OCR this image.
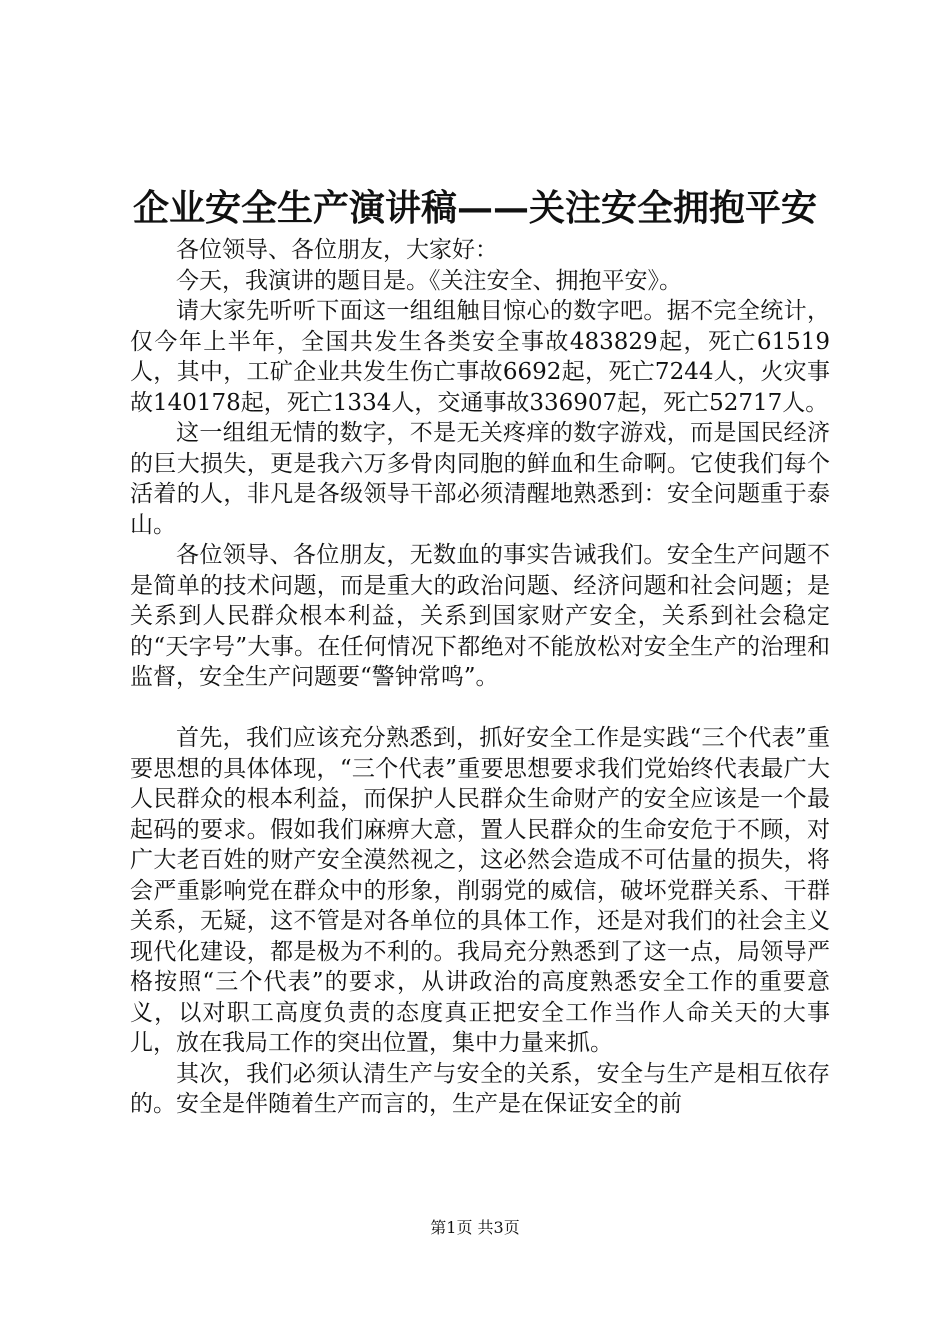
企业安全生产演讲稿——关注安全拥抱平安

各位领导、各位朋友，大家好：

今天，我演讲的题目是。《关注安全、拥抱平安》。

请大家先听听下面这一组组触目惊心的数字吧。据不完全统计，仅今年上半年，全国共发生各类安全事故483829起，死亡61519人，其中，工矿企业共发生伤亡事故6692起，死亡7244人，火灾事故140178起，死亡1334人，交通事故336907起，死亡52717人。

这一组组无情的数字，不是无关疼痒的数字游戏，而是国民经济的巨大损失，更是我六万多骨肉同胞的鲜血和生命啊。它使我们每个活着的人，非凡是各级领导干部必须清醒地熟悉到：安全问题重于泰山。

各位领导、各位朋友，无数血的事实告诫我们。安全生产问题不是简单的技术问题，而是重大的政治问题、经济问题和社会问题；是关系到人民群众根本利益，关系到国家财产安全，关系到社会稳定的“天字号”大事。在任何情况下都绝对不能放松对安全生产的治理和监督，安全生产问题要“警钟常鸣”。

首先，我们应该充分熟悉到，抓好安全工作是实践“三个代表”重要思想的具体体现，“三个代表”重要思想要求我们党始终代表最广大人民群众的根本利益，而保护人民群众生命财产的安全应该是一个最起码的要求。假如我们麻痹大意，置人民群众的生命安危于不顾，对广大老百姓的财产安全漠然视之，这必然会造成不可估量的损失，将会严重影响党在群众中的形象，削弱党的威信，破坏党群关系、干群关系，无疑，这不管是对各单位的具体工作，还是对我们的社会主义现代化建设，都是极为不利的。我局充分熟悉到了这一点，局领导严格按照“三个代表”的要求，从讲政治的高度熟悉安全工作的重要意义，以对职工高度负责的态度真正把安全工作当作人命关天的大事儿，放在我局工作的突出位置，集中力量来抓。

其次，我们必须认清生产与安全的关系，安全与生产是相互依存的。安全是伴随着生产而言的，生产是在保证安全的前

第1页 共3页
